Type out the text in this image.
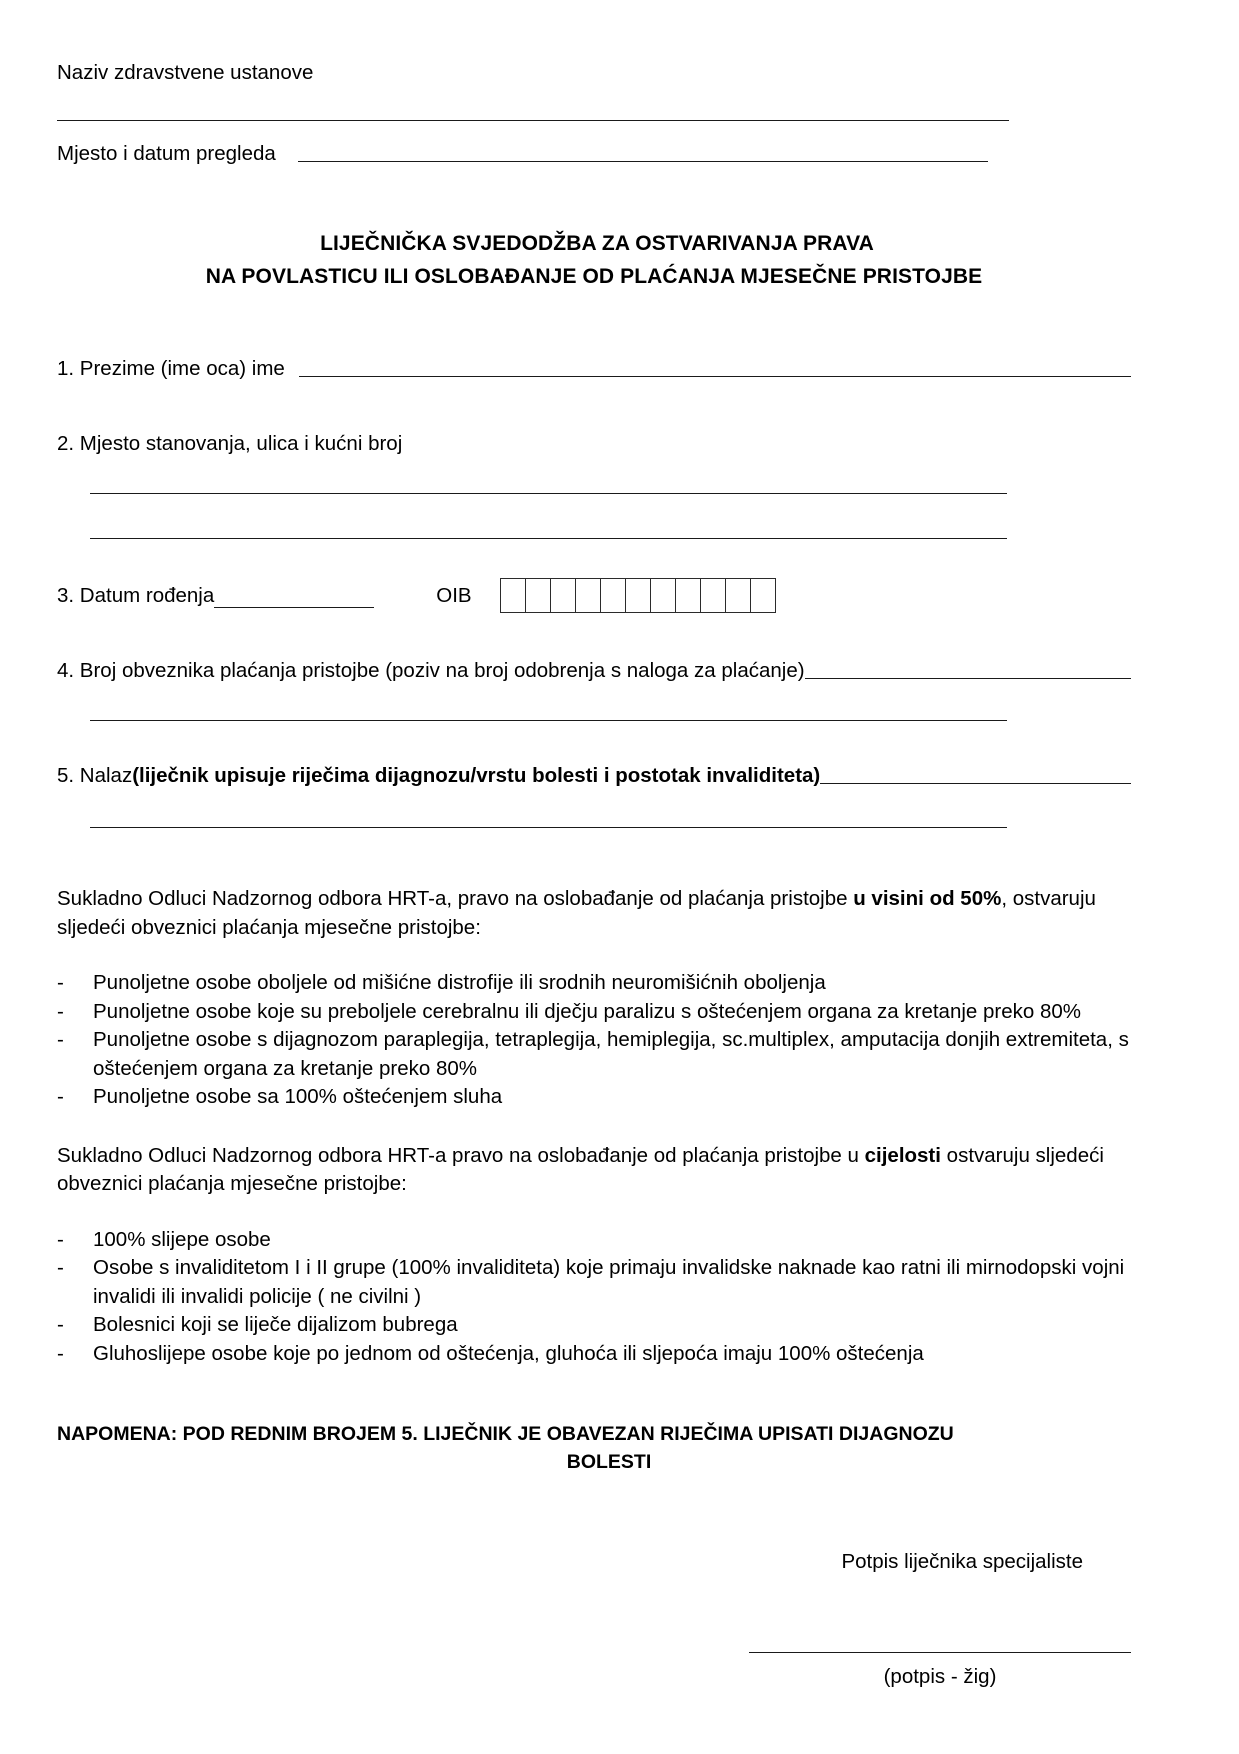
Naziv zdravstvene ustanove
Mjesto i datum pregleda
LIJEČNIČKA SVJEDODŽBA ZA OSTVARIVANJA PRAVA
NA POVLASTICU ILI OSLOBAĐANJE OD PLAĆANJA MJESEČNE PRISTOJBE
1. Prezime (ime oca) ime
2. Mjesto stanovanja, ulica i kućni broj
3. Datum rođenja	OIB
4. Broj obveznika plaćanja pristojbe (poziv na broj odobrenja s naloga za plaćanje)
5. Nalaz(liječnik upisuje riječima dijagnozu/vrstu bolesti i postotak invaliditeta)

Sukladno Odluci Nadzornog odbora HRT-a, pravo na oslobađanje od plaćanja pristojbe u visini od 50%, ostvaruju sljedeći obveznici plaćanja mjesečne pristojbe:

- Punoljetne osobe oboljele od mišićne distrofije ili srodnih neuromišićnih oboljenja
- Punoljetne osobe koje su preboljele cerebralnu ili dječju paralizu s oštećenjem organa za kretanje preko 80%
- Punoljetne osobe s dijagnozom paraplegija, tetraplegija, hemiplegija, sc.multiplex, amputacija donjih extremiteta, s oštećenjem organa za kretanje preko 80%
- Punoljetne osobe sa 100% oštećenjem sluha

Sukladno Odluci Nadzornog odbora HRT-a pravo na oslobađanje od plaćanja pristojbe u cijelosti ostvaruju sljedeći obveznici plaćanja mjesečne pristojbe:

- 100% slijepe osobe
- Osobe s invaliditetom I i II grupe (100% invaliditeta) koje primaju invalidske naknade kao ratni ili mirnodopski vojni invalidi ili invalidi policije ( ne civilni )
- Bolesnici koji se liječe dijalizom bubrega
- Gluhoslijepe osobe koje po jednom od oštećenja, gluhoća ili sljepoća imaju 100% oštećenja
NAPOMENA: POD REDNIM BROJEM 5. LIJEČNIK JE OBAVEZAN RIJEČIMA UPISATI DIJAGNOZU
BOLESTI
Potpis liječnika specijaliste
(potpis - žig)
